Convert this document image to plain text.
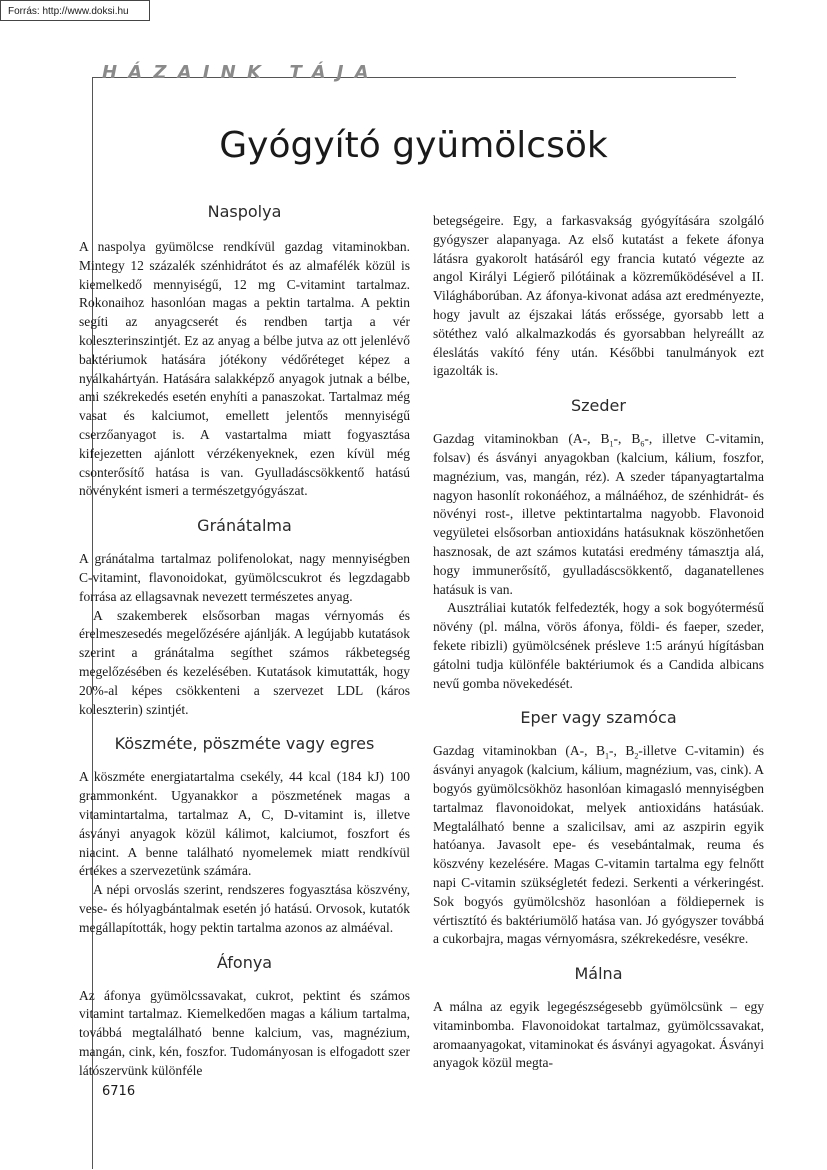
Forrás: http://www.doksi.hu
HÁZAINK TÁJA
Gyógyító gyümölcsök
Naspolya

A naspolya gyümölcse rendkívül gazdag vitaminokban. Mintegy 12 százalék szénhidrátot és az almafélék közül is kiemelkedő mennyiségű, 12 mg C-vitamint tartalmaz. Rokonaihoz hasonlóan magas a pektin tartalma. A pektin segíti az anyagcserét és rendben tartja a vér koleszterinszintjét. Ez az anyag a bélbe jutva az ott jelenlévő baktériumok hatására jótékony védőréteget képez a nyálkahártyán. Hatására salakképző anyagok jutnak a bélbe, ami székrekedés esetén enyhíti a panaszokat. Tartalmaz még vasat és kalciumot, emellett jelentős mennyiségű cserzőanyagot is. A vastartalma miatt fogyasztása kifejezetten ajánlott vérzékenyeknek, ezen kívül még csonterősítő hatása is van. Gyulladáscsökkentő hatású növényként ismeri a természetgyógyászat.

Gránátalma

A gránátalma tartalmaz polifenolokat, nagy mennyiségben C-vitamint, flavonoidokat, gyümölcscukrot és legzdagabb forrása az ellagsavnak nevezett természetes anyag.

A szakemberek elsősorban magas vérnyomás és érelmeszesedés megelőzésére ajánlják. A legújabb kutatások szerint a gránátalma segíthet számos rákbetegség megelőzésében és kezelésében. Kutatások kimutatták, hogy 20%-al képes csökkenteni a szervezet LDL (káros koleszterin) szintjét.

Köszméte, pöszméte vagy egres

A köszméte energiatartalma csekély, 44 kcal (184 kJ) 100 grammonként. Ugyanakkor a pöszmetének magas a vitamintartalma, tartalmaz A, C, D-vitamint is, illetve ásványi anyagok közül kálimot, kalciumot, foszfort és niacint. A benne található nyomelemek miatt rendkívül értékes a szervezetünk számára.

A népi orvoslás szerint, rendszeres fogyasztása köszvény, vese- és hólyagbántalmak esetén jó hatású. Orvosok, kutatók megállapították, hogy pektin tartalma azonos az almáéval.

Áfonya

Az áfonya gyümölcssavakat, cukrot, pektint és számos vitamint tartalmaz. Kiemelkedően magas a kálium tartalma, továbbá megtalálható benne kalcium, vas, magnézium, mangán, cink, kén, foszfor. Tudományosan is elfogadott szer látószervünk különféle

betegségeire. Egy, a farkasvakság gyógyítására szolgáló gyógyszer alapanyaga. Az első kutatást a fekete áfonya látásra gyakorolt hatásáról egy francia kutató végezte az angol Királyi Légierő pilótáinak a közreműködésével a II. Világháborúban. Az áfonya-kivonat adása azt eredményezte, hogy javult az éjszakai látás erőssége, gyorsabb lett a sötéthez való alkalmazkodás és gyorsabban helyreállt az éleslátás vakító fény után. Későbbi tanulmányok ezt igazolták is.

Szeder

Gazdag vitaminokban (A-, $B_1-$, $B_6-$, illetve C-vitamin, folsav) és ásványi anyagokban (kalcium, kálium, foszfor, magnézium, vas, mangán, réz). A szeder tápanyagtartalma nagyon hasonlít rokonáéhoz, a málnáéhoz, de szénhidrát- és növényi rost-, illetve pektintartalma nagyobb. Flavonoid vegyületei elsősorban antioxidáns hatásuknak köszönhetően hasznosak, de azt számos kutatási eredmény támasztja alá, hogy immunerősítő, gyulladáscsökkentő, daganatellenes hatásuk is van.

Ausztráliai kutatók felfedezték, hogy a sok bogyótermésű növény (pl. málna, vörös áfonya, földi- és faeper, szeder, fekete ribizli) gyümölcsének présleve 1:5 arányú hígításban gátolni tudja különféle baktériumok és a Candida albicans nevű gomba növekedését.

Eper vagy szamóca

Gazdag vitaminokban (A-, $B_1-$, $B_2$-illetve C-vitamin) és ásványi anyagok (kalcium, kálium, magnézium, vas, cink). A bogyós gyümölcsökhöz hasonlóan kimagasló mennyiségben tartalmaz flavonoidokat, melyek antioxidáns hatásúak. Megtalálható benne a szalicilsav, ami az aszpirin egyik hatóanya. Javasolt epe- és vesebántalmak, reuma és köszvény kezelésére. Magas C-vitamin tartalma egy felnőtt napi C-vitamin szükségletét fedezi. Serkenti a vérkeringést. Sok bogyós gyümölcshöz hasonlóan a földiepernek is vértisztító és baktériumölő hatása van. Jó gyógyszer továbbá a cukorbajra, magas vérnyomásra, székrekedésre, vesékre.

Málna

A málna az egyik legegészségesebb gyümölcsünk – egy vitaminbomba. Flavonoidokat tartalmaz, gyümölcssavakat, aromaanyagokat, vitaminokat és ásványi agyagokat. Ásványi anyagok közül megta-

6716
